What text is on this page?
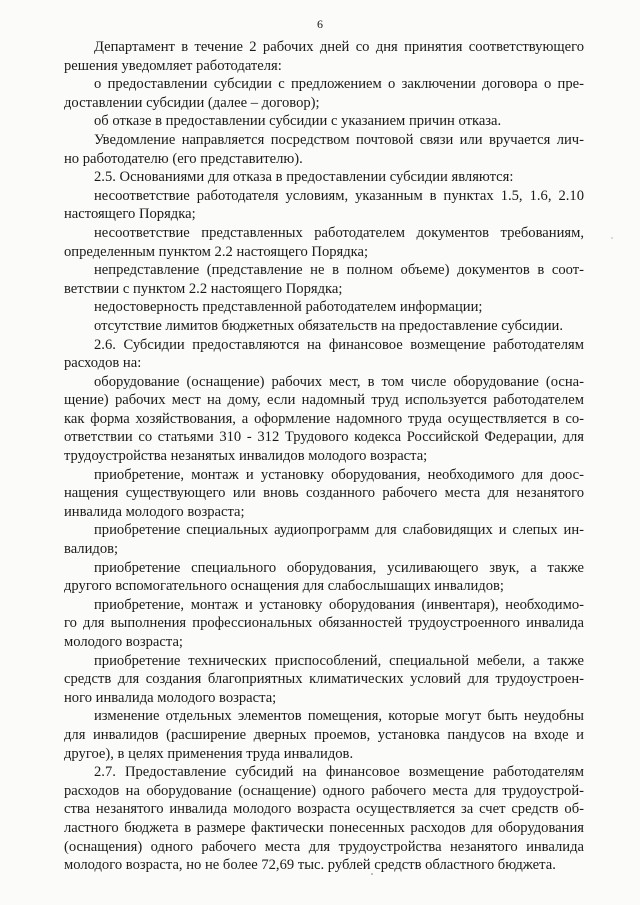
6
Департамент в течение 2 рабочих дней со дня принятия соответствующего
решения уведомляет работодателя:
о предоставлении субсидии с предложением о заключении договора о пре-
доставлении субсидии (далее – договор);
об отказе в предоставлении субсидии с указанием причин отказа.
Уведомление направляется посредством почтовой связи или вручается лич-
но работодателю (его представителю).
2.5. Основаниями для отказа в предоставлении субсидии являются:
несоответствие работодателя условиям, указанным в пунктах 1.5, 1.6, 2.10
настоящего Порядка;
несоответствие представленных работодателем документов требованиям,
определенным пунктом 2.2 настоящего Порядка;
непредставление (представление не в полном объеме) документов в соот-
ветствии с пунктом 2.2 настоящего Порядка;
недостоверность представленной работодателем информации;
отсутствие лимитов бюджетных обязательств на предоставление субсидии.
2.6. Субсидии предоставляются на финансовое возмещение работодателям
расходов на:
оборудование (оснащение) рабочих мест, в том числе оборудование (осна-
щение) рабочих мест на дому, если надомный труд используется работодателем
как форма хозяйствования, а оформление надомного труда осуществляется в со-
ответствии со статьями 310 - 312 Трудового кодекса Российской Федерации, для
трудоустройства незанятых инвалидов молодого возраста;
приобретение, монтаж и установку оборудования, необходимого для доос-
нащения существующего или вновь созданного рабочего места для незанятого
инвалида молодого возраста;
приобретение специальных аудиопрограмм для слабовидящих и слепых ин-
валидов;
приобретение специального оборудования, усиливающего звук, а также
другого вспомогательного оснащения для слабослышащих инвалидов;
приобретение, монтаж и установку оборудования (инвентаря), необходимо-
го для выполнения профессиональных обязанностей трудоустроенного инвалида
молодого возраста;
приобретение технических приспособлений, специальной мебели, а также
средств для создания благоприятных климатических условий для трудоустроен-
ного инвалида молодого возраста;
изменение отдельных элементов помещения, которые могут быть неудобны
для инвалидов (расширение дверных проемов, установка пандусов на входе и
другое), в целях применения труда инвалидов.
2.7. Предоставление субсидий на финансовое возмещение работодателям
расходов на оборудование (оснащение) одного рабочего места для трудоустрой-
ства незанятого инвалида молодого возраста осуществляется за счет средств об-
ластного бюджета в размере фактически понесенных расходов для оборудования
(оснащения) одного рабочего места для трудоустройства незанятого инвалида
молодого возраста, но не более 72,69 тыс. рублей средств областного бюджета.
